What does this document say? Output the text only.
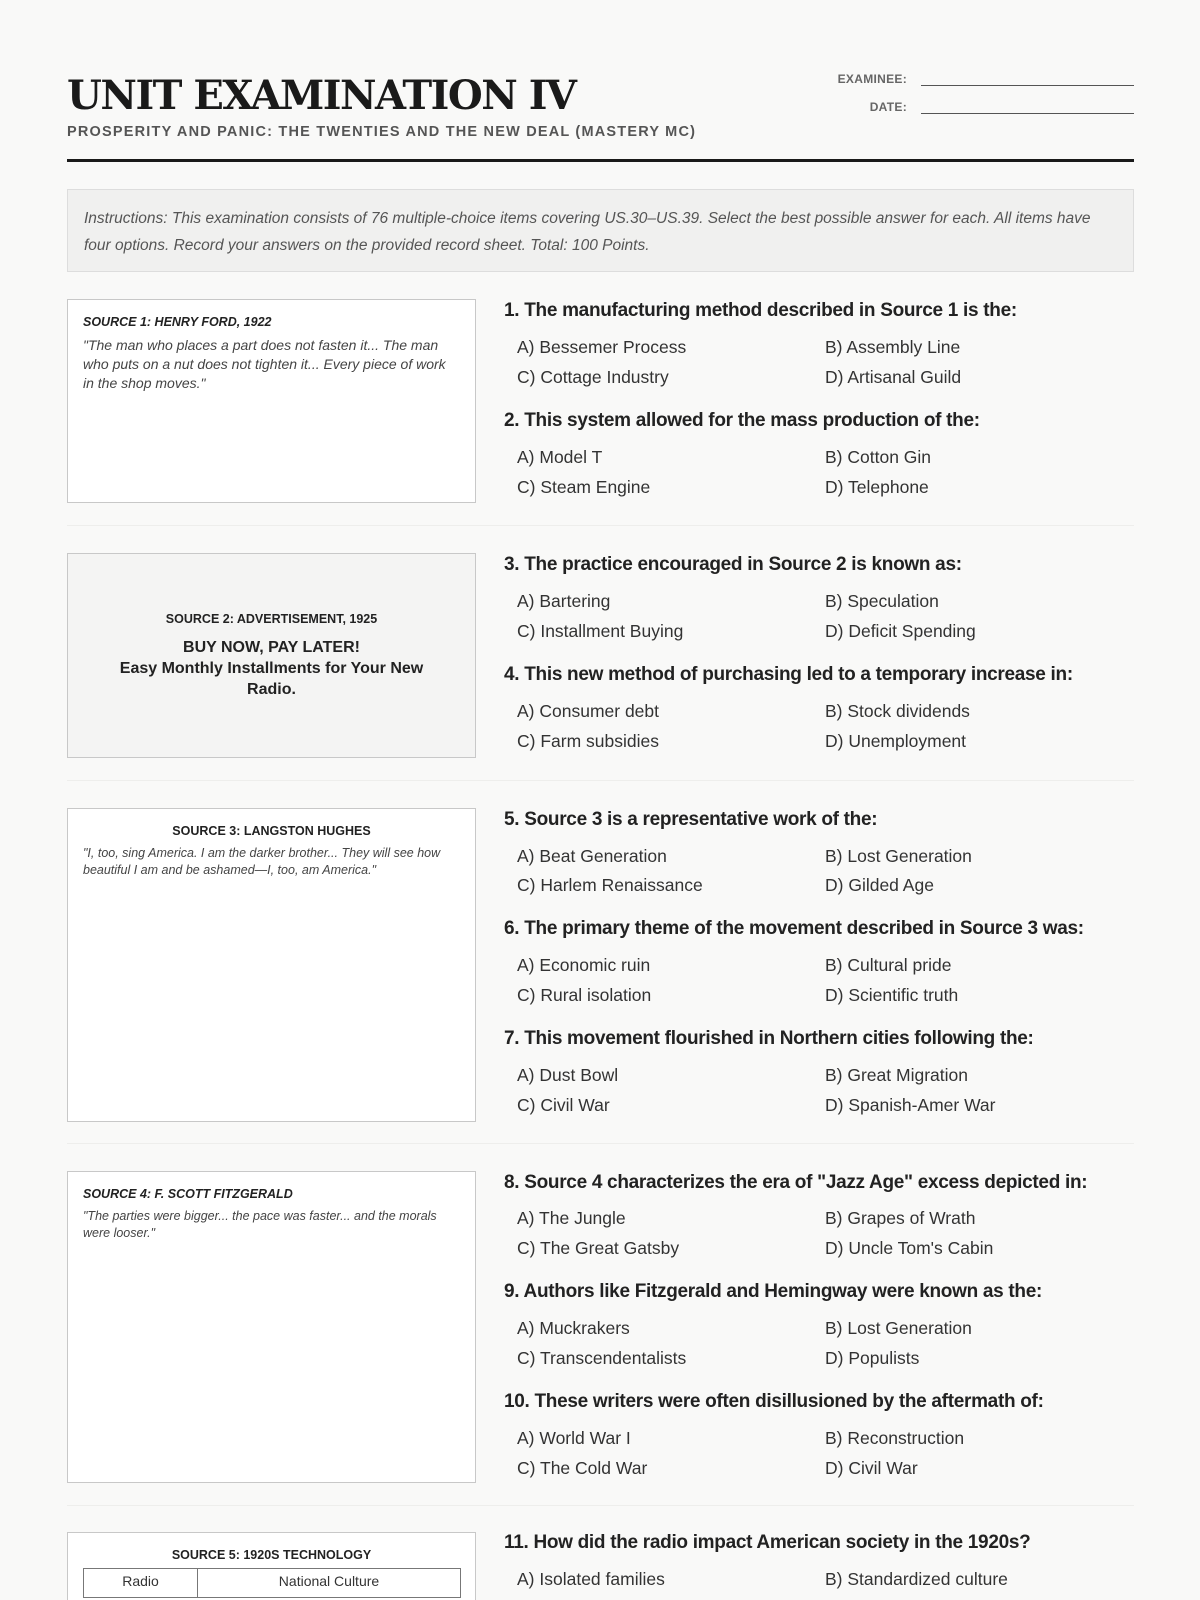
UNIT EXAMINATION IV
PROSPERITY AND PANIC: THE TWENTIES AND THE NEW DEAL (MASTERY MC)
EXAMINEE:
DATE:
Instructions: This examination consists of 76 multiple-choice items covering US.30–US.39. Select the best possible answer for each. All items have four options. Record your answers on the provided record sheet. Total: 100 Points.
SOURCE 1: HENRY FORD, 1922
"The man who places a part does not fasten it... The man who puts on a nut does not tighten it... Every piece of work in the shop moves."
1. The manufacturing method described in Source 1 is the:
A) Bessemer Process	B) Assembly Line
C) Cottage Industry	D) Artisanal Guild
2. This system allowed for the mass production of the:
A) Model T	B) Cotton Gin
C) Steam Engine	D) Telephone
SOURCE 2: ADVERTISEMENT, 1925
BUY NOW, PAY LATER!
Easy Monthly Installments for Your New Radio.
3. The practice encouraged in Source 2 is known as:
A) Bartering	B) Speculation
C) Installment Buying	D) Deficit Spending
4. This new method of purchasing led to a temporary increase in:
A) Consumer debt	B) Stock dividends
C) Farm subsidies	D) Unemployment
SOURCE 3: LANGSTON HUGHES
"I, too, sing America. I am the darker brother... They will see how beautiful I am and be ashamed—I, too, am America."
5. Source 3 is a representative work of the:
A) Beat Generation	B) Lost Generation
C) Harlem Renaissance	D) Gilded Age
6. The primary theme of the movement described in Source 3 was:
A) Economic ruin	B) Cultural pride
C) Rural isolation	D) Scientific truth
7. This movement flourished in Northern cities following the:
A) Dust Bowl	B) Great Migration
C) Civil War	D) Spanish-Amer War
SOURCE 4: F. SCOTT FITZGERALD
"The parties were bigger... the pace was faster... and the morals were looser."
8. Source 4 characterizes the era of "Jazz Age" excess depicted in:
A) The Jungle	B) Grapes of Wrath
C) The Great Gatsby	D) Uncle Tom's Cabin
9. Authors like Fitzgerald and Hemingway were known as the:
A) Muckrakers	B) Lost Generation
C) Transcendentalists	D) Populists
10. These writers were often disillusioned by the aftermath of:
A) World War I	B) Reconstruction
C) The Cold War	D) Civil War
SOURCE 5: 1920S TECHNOLOGY
Radio	National Culture
11. How did the radio impact American society in the 1920s?
A) Isolated families	B) Standardized culture
